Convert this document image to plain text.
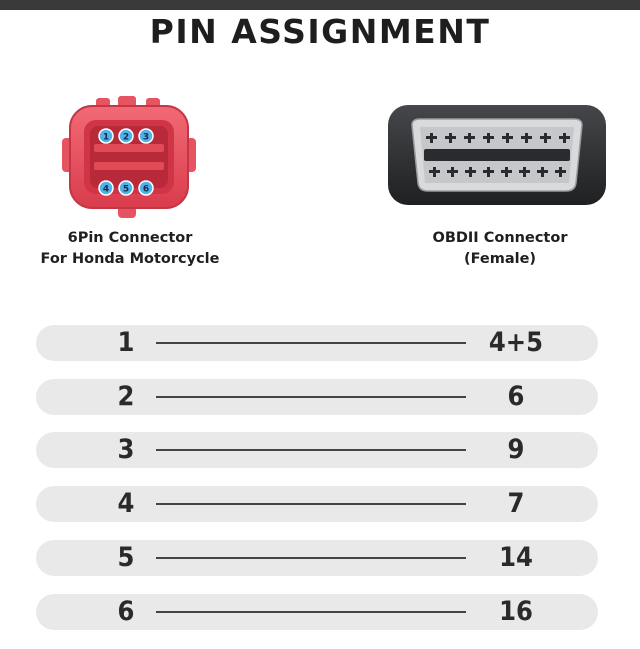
PIN ASSIGNMENT
1 2 3
4 5 6
6Pin Connector
For Honda Motorcycle
OBDII Connector
(Female)
1	4+5
2	6
3	9
4	7
5	14
6	16
